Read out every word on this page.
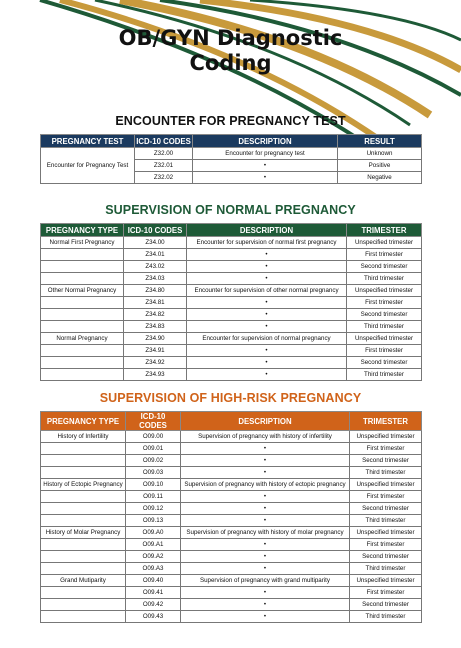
OB/GYN Diagnostic
Coding
ENCOUNTER FOR PREGNANCY TEST
PREGNANCY TEST	ICD-10 CODES	DESCRIPTION	RESULT
Encounter for Pregnancy Test	Z32.00	Encounter for pregnancy test	Unknown
	Z32.01	•	Positive
	Z32.02	•	Negative
SUPERVISION OF NORMAL PREGNANCY
PREGNANCY TYPE	ICD-10 CODES	DESCRIPTION	TRIMESTER
Normal First Pregnancy	Z34.00	Encounter for supervision of normal first pregnancy	Unspecified trimester
	Z34.01	•	First trimester
	Z43.02	•	Second trimester
	Z34.03	•	Third trimester
Other Normal Pregnancy	Z34.80	Encounter for supervision of other normal pregnancy	Unspecified trimester
	Z34.81	•	First trimester
	Z34.82	•	Second trimester
	Z34.83	•	Third trimester
Normal Pregnancy	Z34.90	Encounter for supervision of normal pregnancy	Unspecified trimester
	Z34.91	•	First trimester
	Z34.92	•	Second trimester
	Z34.93	•	Third trimester
SUPERVISION OF HIGH-RISK PREGNANCY
PREGNANCY TYPE	ICD-10 CODES	DESCRIPTION	TRIMESTER
History of Infertility	O09.00	Supervision of pregnancy with history of infertility	Unspecified trimester
	O09.01	•	First trimester
	O09.02	•	Second trimester
	O09.03	•	Third trimester
History of Ectopic Pregnancy	O09.10	Supervision of pregnancy with history of ectopic pregnancy	Unspecified trimester
	O09.11	•	First trimester
	O09.12	•	Second trimester
	O09.13	•	Third trimester
History of Molar Pregnancy	O09.A0	Supervision of pregnancy with history of molar pregnancy	Unspecified trimester
	O09.A1	•	First trimester
	O09.A2	•	Second trimester
	O09.A3	•	Third trimester
Grand Mutiparity	O09.40	Supervision of pregnancy with grand multiparity	Unspecified trimester
	O09.41	•	First trimester
	O09.42	•	Second trimester
	O09.43	•	Third trimester
